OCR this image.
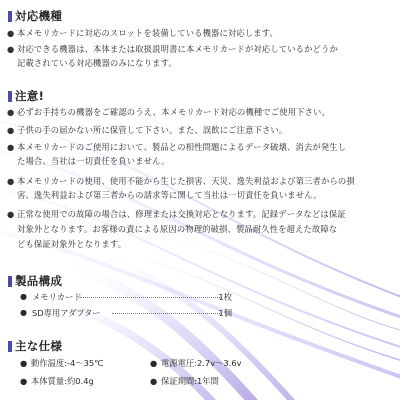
対応機種
● 本メモリカードに対応のスロットを装備している機器に対応します。
● 対応できる機器は、本体または取扱説明書に本メモリカードが対応しているかどうか
記載されている対応機器のみになります。
注意!
● 必ずお手持ちの機器をご確認のうえ、本メモリカード対応の機種でご使用下さい。
● 子供の手の届かない所に保管して下さい。また、誤飲にご注意下さい。
● 本メモリカードのご使用において、製品との相性問題によるデータ破壊、消去が発生し
た場合、当社は一切責任を負いません。
● 本メモリカードの使用、使用不能から生じた損害、天災、逸失利益および第三者からの損
害、逸失利益および第三者からの請求等に関して当社は一切責任を負いません。
● 正常な使用での故障の場合は、修理または交換対応となります。記録データなどは保証
対象外となります。お客様の責による原因の物理的破損、製品耐久性を超えた故障な
ども保証対象外となります。
製品構成
● メモリカード	1枚
● SD専用アダプター	1個
主な仕様
● 動作温度:-4～35℃	● 電源電圧:2.7v～3.6v
● 本体質量:約0.4g	● 保証期間:1年間
